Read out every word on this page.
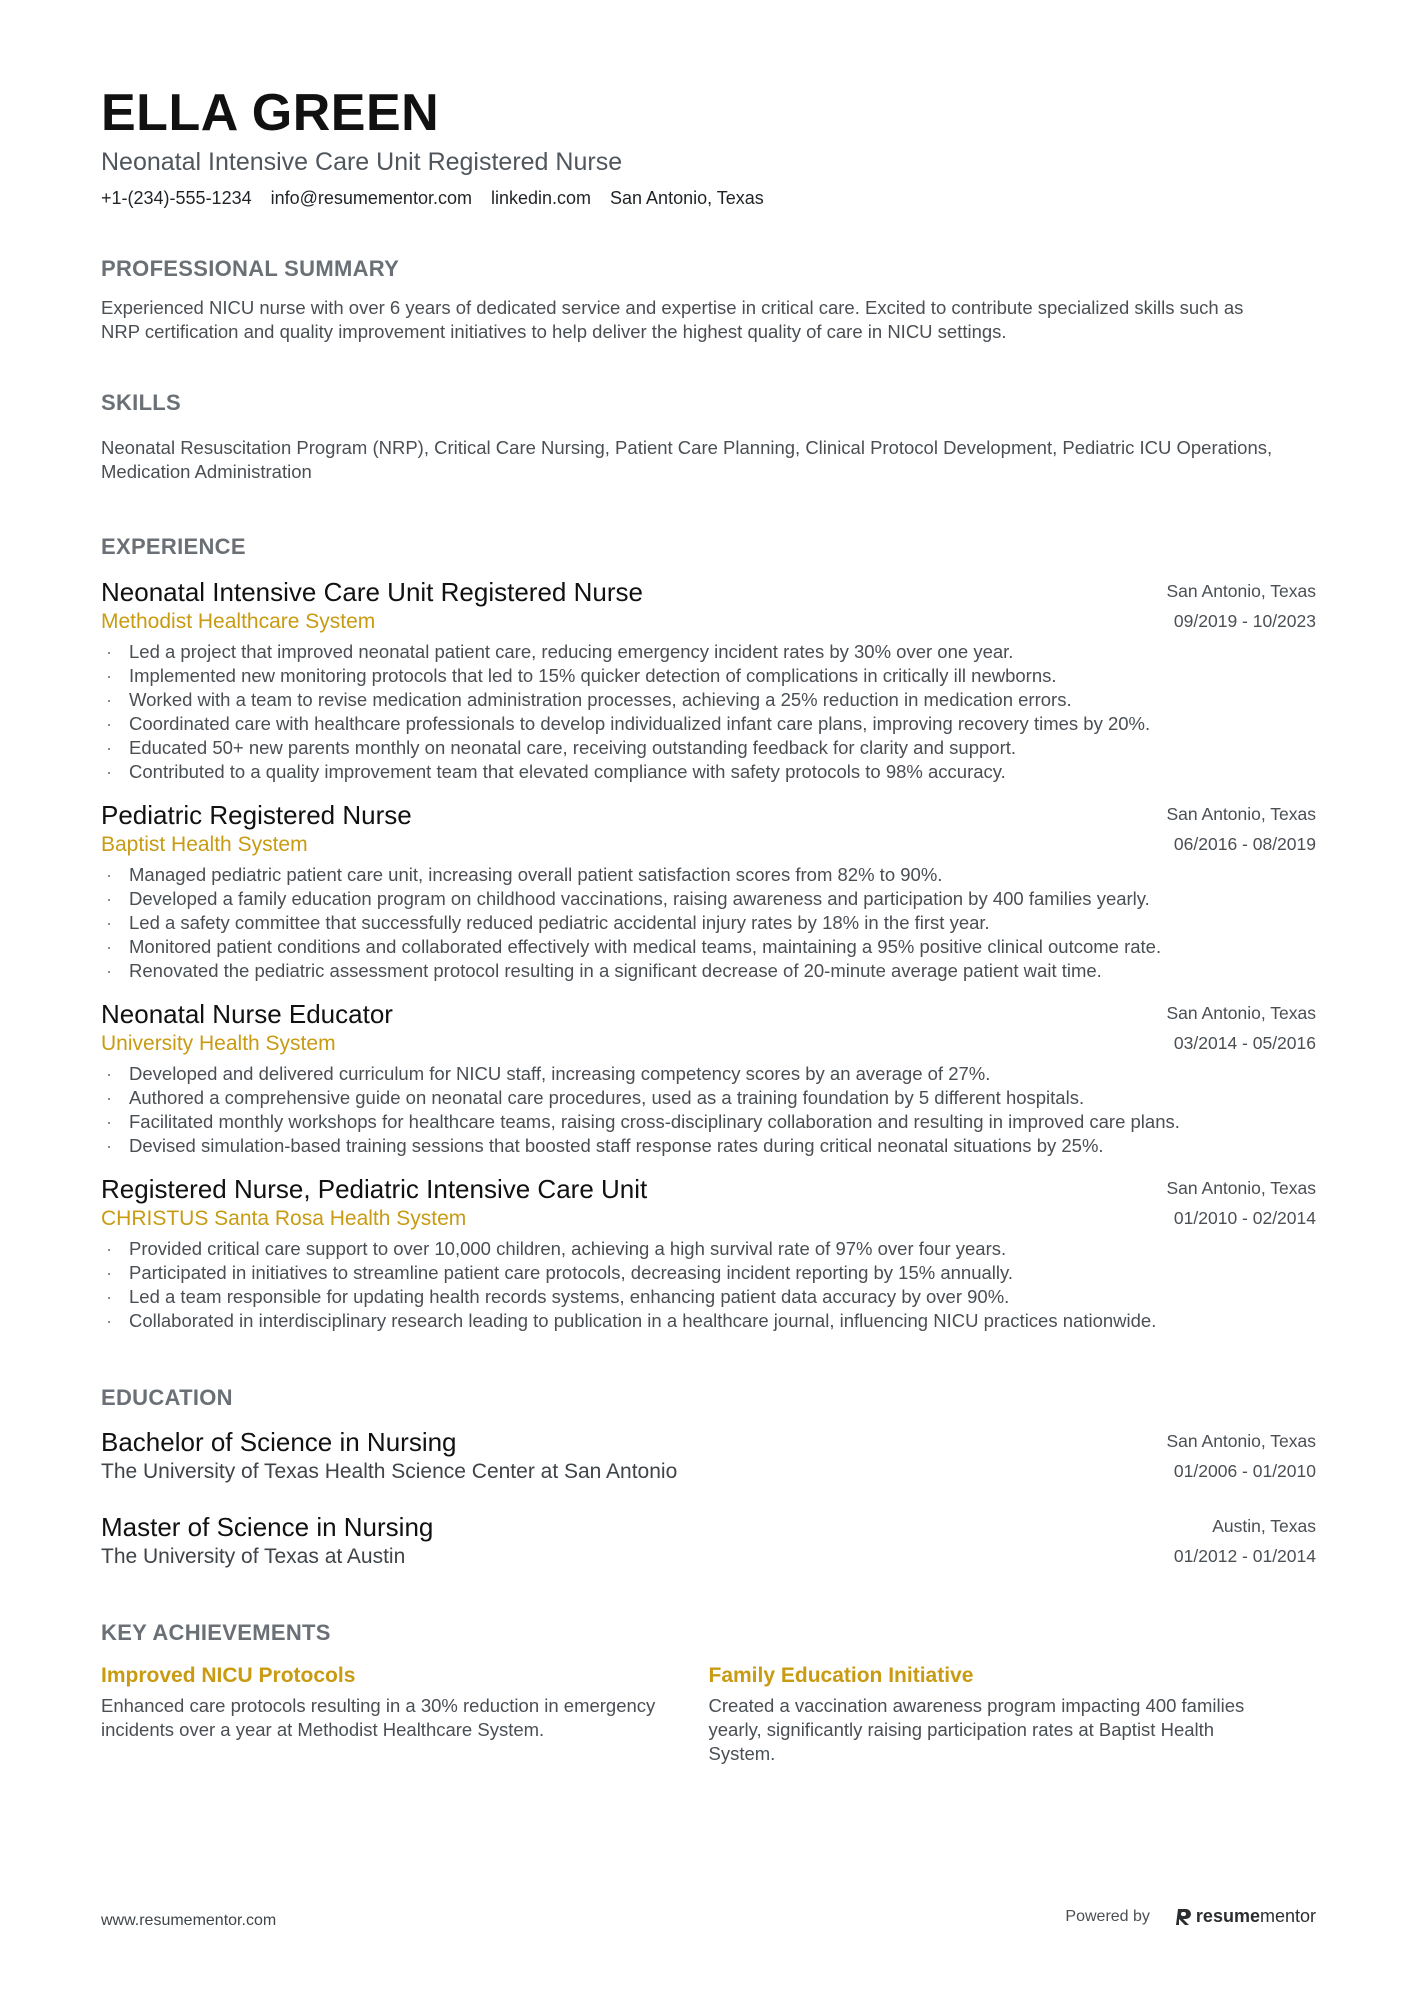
ELLA GREEN
Neonatal Intensive Care Unit Registered Nurse
+1-(234)-555-1234 info@resumementor.com linkedin.com San Antonio, Texas
PROFESSIONAL SUMMARY
Experienced NICU nurse with over 6 years of dedicated service and expertise in critical care. Excited to contribute specialized skills such as NRP certification and quality improvement initiatives to help deliver the highest quality of care in NICU settings.
SKILLS
Neonatal Resuscitation Program (NRP), Critical Care Nursing, Patient Care Planning, Clinical Protocol Development, Pediatric ICU Operations, Medication Administration
EXPERIENCE
Neonatal Intensive Care Unit Registered Nurse
Methodist Healthcare System
San Antonio, Texas
09/2019 - 10/2023
· Led a project that improved neonatal patient care, reducing emergency incident rates by 30% over one year.
· Implemented new monitoring protocols that led to 15% quicker detection of complications in critically ill newborns.
· Worked with a team to revise medication administration processes, achieving a 25% reduction in medication errors.
· Coordinated care with healthcare professionals to develop individualized infant care plans, improving recovery times by 20%.
· Educated 50+ new parents monthly on neonatal care, receiving outstanding feedback for clarity and support.
· Contributed to a quality improvement team that elevated compliance with safety protocols to 98% accuracy.
Pediatric Registered Nurse
Baptist Health System
San Antonio, Texas
06/2016 - 08/2019
· Managed pediatric patient care unit, increasing overall patient satisfaction scores from 82% to 90%.
· Developed a family education program on childhood vaccinations, raising awareness and participation by 400 families yearly.
· Led a safety committee that successfully reduced pediatric accidental injury rates by 18% in the first year.
· Monitored patient conditions and collaborated effectively with medical teams, maintaining a 95% positive clinical outcome rate.
· Renovated the pediatric assessment protocol resulting in a significant decrease of 20-minute average patient wait time.
Neonatal Nurse Educator
University Health System
San Antonio, Texas
03/2014 - 05/2016
· Developed and delivered curriculum for NICU staff, increasing competency scores by an average of 27%.
· Authored a comprehensive guide on neonatal care procedures, used as a training foundation by 5 different hospitals.
· Facilitated monthly workshops for healthcare teams, raising cross-disciplinary collaboration and resulting in improved care plans.
· Devised simulation-based training sessions that boosted staff response rates during critical neonatal situations by 25%.
Registered Nurse, Pediatric Intensive Care Unit
CHRISTUS Santa Rosa Health System
San Antonio, Texas
01/2010 - 02/2014
· Provided critical care support to over 10,000 children, achieving a high survival rate of 97% over four years.
· Participated in initiatives to streamline patient care protocols, decreasing incident reporting by 15% annually.
· Led a team responsible for updating health records systems, enhancing patient data accuracy by over 90%.
· Collaborated in interdisciplinary research leading to publication in a healthcare journal, influencing NICU practices nationwide.
EDUCATION
Bachelor of Science in Nursing
The University of Texas Health Science Center at San Antonio
San Antonio, Texas
01/2006 - 01/2010
Master of Science in Nursing
The University of Texas at Austin
Austin, Texas
01/2012 - 01/2014
KEY ACHIEVEMENTS
Improved NICU Protocols
Enhanced care protocols resulting in a 30% reduction in emergency incidents over a year at Methodist Healthcare System.
Family Education Initiative
Created a vaccination awareness program impacting 400 families yearly, significantly raising participation rates at Baptist Health System.
www.resumementor.com	Powered by	resumementor
